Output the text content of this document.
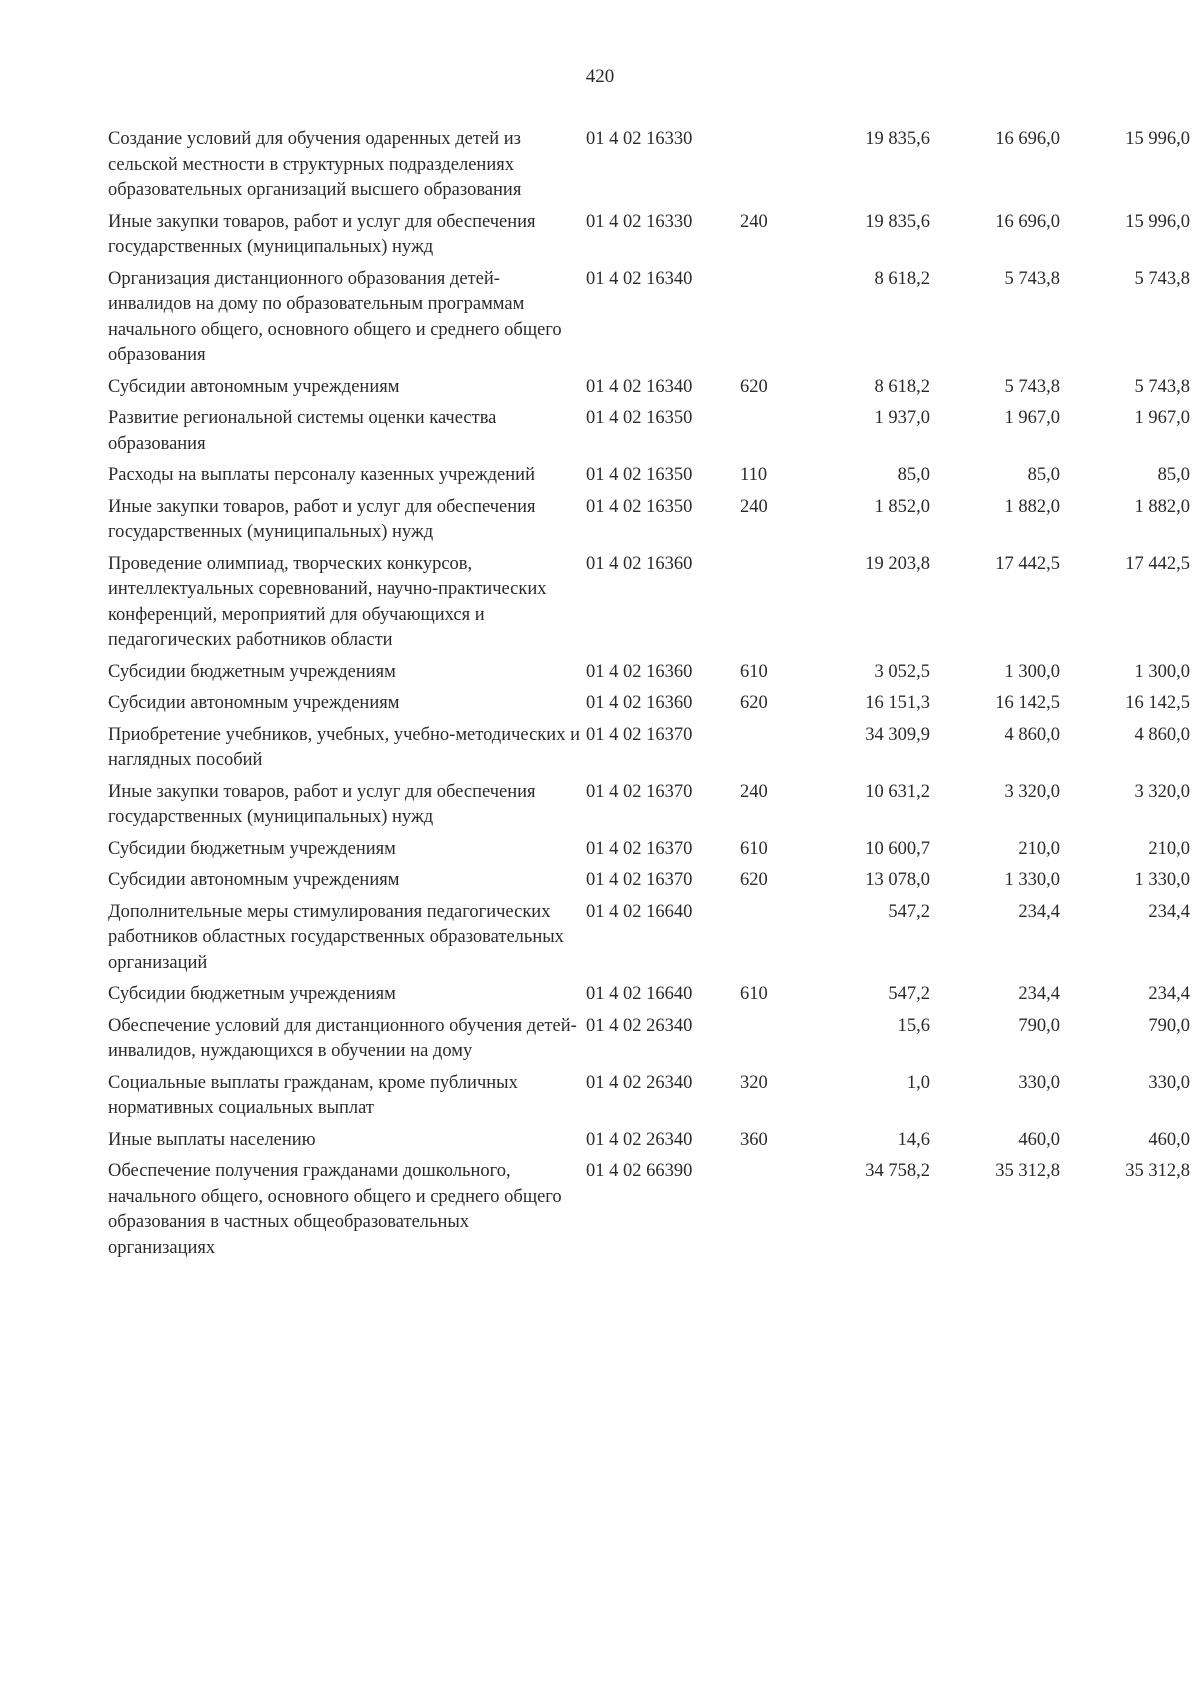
420
Создание условий для обучения одаренных детей из сельской местности в структурных подразделениях образовательных организаций высшего образования	01 4 02 16330		19 835,6	16 696,0	15 996,0
Иные закупки товаров, работ и услуг для обеспечения государственных (муниципальных) нужд	01 4 02 16330	240	19 835,6	16 696,0	15 996,0
Организация дистанционного образования детей-инвалидов на дому по образовательным программам начального общего, основного общего и среднего общего образования	01 4 02 16340		8 618,2	5 743,8	5 743,8
Субсидии автономным учреждениям	01 4 02 16340	620	8 618,2	5 743,8	5 743,8
Развитие региональной системы оценки качества образования	01 4 02 16350		1 937,0	1 967,0	1 967,0
Расходы на выплаты персоналу казенных учреждений	01 4 02 16350	110	85,0	85,0	85,0
Иные закупки товаров, работ и услуг для обеспечения государственных (муниципальных) нужд	01 4 02 16350	240	1 852,0	1 882,0	1 882,0
Проведение олимпиад, творческих конкурсов, интеллектуальных соревнований, научно-практических конференций, мероприятий для обучающихся и педагогических работников области	01 4 02 16360		19 203,8	17 442,5	17 442,5
Субсидии бюджетным учреждениям	01 4 02 16360	610	3 052,5	1 300,0	1 300,0
Субсидии автономным учреждениям	01 4 02 16360	620	16 151,3	16 142,5	16 142,5
Приобретение учебников, учебных, учебно-методических и наглядных пособий	01 4 02 16370		34 309,9	4 860,0	4 860,0
Иные закупки товаров, работ и услуг для обеспечения государственных (муниципальных) нужд	01 4 02 16370	240	10 631,2	3 320,0	3 320,0
Субсидии бюджетным учреждениям	01 4 02 16370	610	10 600,7	210,0	210,0
Субсидии автономным учреждениям	01 4 02 16370	620	13 078,0	1 330,0	1 330,0
Дополнительные меры стимулирования педагогических работников областных государственных образовательных организаций	01 4 02 16640		547,2	234,4	234,4
Субсидии бюджетным учреждениям	01 4 02 16640	610	547,2	234,4	234,4
Обеспечение условий для дистанционного обучения детей-инвалидов, нуждающихся в обучении на дому	01 4 02 26340		15,6	790,0	790,0
Социальные выплаты гражданам, кроме публичных нормативных социальных выплат	01 4 02 26340	320	1,0	330,0	330,0
Иные выплаты населению	01 4 02 26340	360	14,6	460,0	460,0
Обеспечение получения гражданами дошкольного, начального общего, основного общего и среднего общего образования в частных общеобразовательных организациях	01 4 02 66390		34 758,2	35 312,8	35 312,8
